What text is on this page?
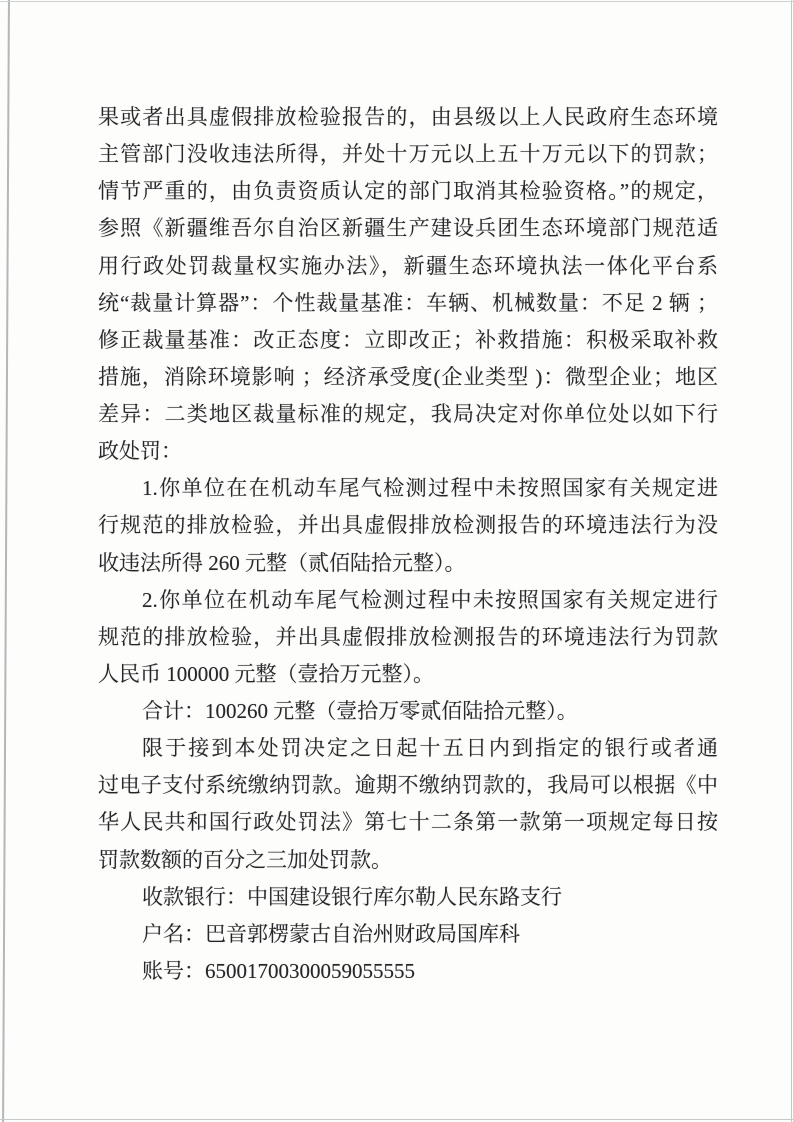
果或者出具虚假排放检验报告的，由县级以上人民政府生态环境
主管部门没收违法所得，并处十万元以上五十万元以下的罚款；
情节严重的，由负责资质认定的部门取消其检验资格。”的规定，
参照《新疆维吾尔自治区新疆生产建设兵团生态环境部门规范适
用行政处罚裁量权实施办法》，新疆生态环境执法一体化平台系
统“裁量计算器”：个性裁量基准：车辆、机械数量：不足 2 辆 ；
修正裁量基准：改正态度：立即改正；补救措施：积极采取补救
措施，消除环境影响 ；经济承受度(企业类型 )：微型企业；地区
差异：二类地区裁量标准的规定，我局决定对你单位处以如下行
政处罚：
1.你单位在在机动车尾气检测过程中未按照国家有关规定进
行规范的排放检验，并出具虚假排放检测报告的环境违法行为没
收违法所得 260 元整（贰佰陆拾元整）。
2.你单位在机动车尾气检测过程中未按照国家有关规定进行
规范的排放检验，并出具虚假排放检测报告的环境违法行为罚款
人民币 100000 元整（壹拾万元整）。
合计：100260 元整（壹拾万零贰佰陆拾元整）。
限于接到本处罚决定之日起十五日内到指定的银行或者通
过电子支付系统缴纳罚款。逾期不缴纳罚款的，我局可以根据《中
华人民共和国行政处罚法》第七十二条第一款第一项规定每日按
罚款数额的百分之三加处罚款。
收款银行：中国建设银行库尔勒人民东路支行
户名：巴音郭楞蒙古自治州财政局国库科
账号：65001700300059055555
